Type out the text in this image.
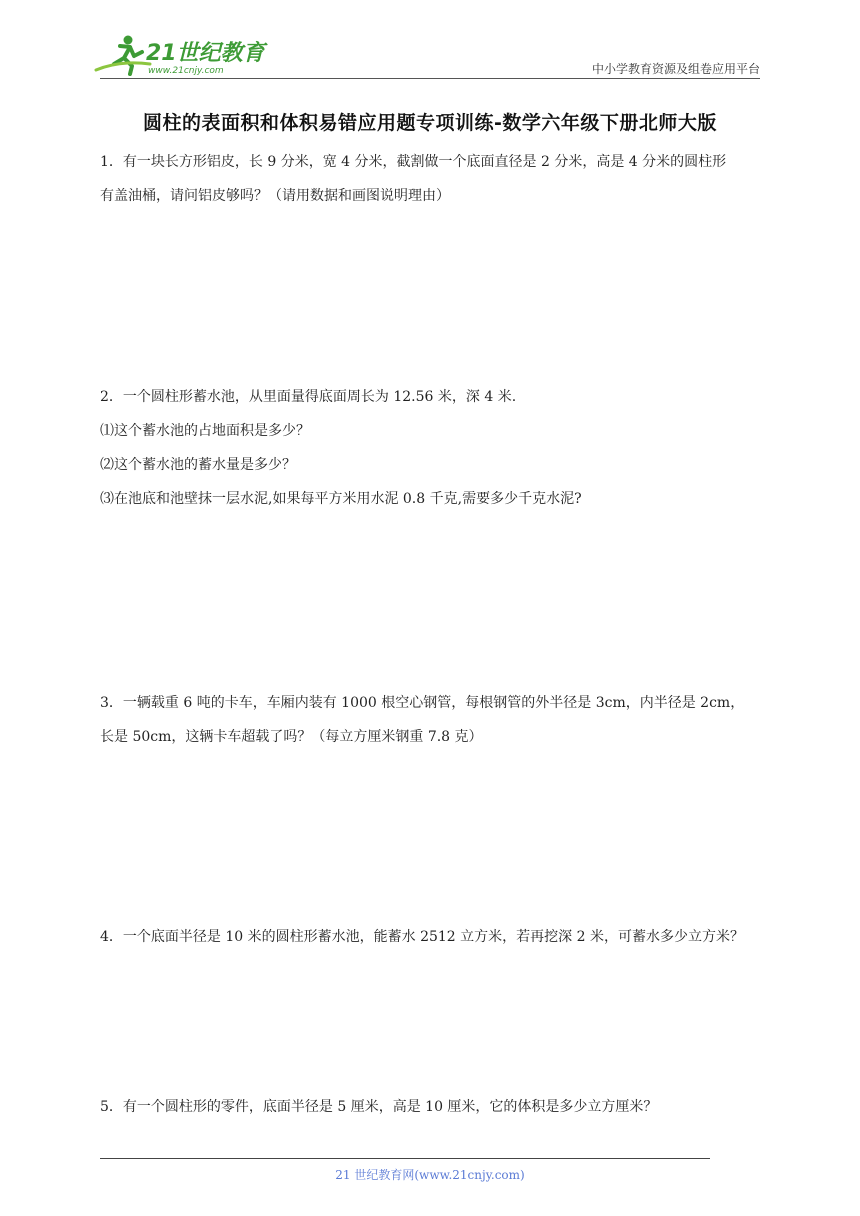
21世纪教育
www.21cnjy.com	中小学教育资源及组卷应用平台
圆柱的表面积和体积易错应用题专项训练-数学六年级下册北师大版

1．有一块长方形铝皮，长 9 分米，宽 4 分米，截割做一个底面直径是 2 分米，高是 4 分米的圆柱形

有盖油桶，请问铝皮够吗？（请用数据和画图说明理由）

2．一个圆柱形蓄水池，从里面量得底面周长为 12.56 米，深 4 米.

⑴这个蓄水池的占地面积是多少？

⑵这个蓄水池的蓄水量是多少？

⑶在池底和池壁抹一层水泥,如果每平方米用水泥 0.8 千克,需要多少千克水泥?

3．一辆载重 6 吨的卡车，车厢内装有 1000 根空心钢管，每根钢管的外半径是 3cm，内半径是 2cm，

长是 50cm，这辆卡车超载了吗？（每立方厘米钢重 7.8 克）

4．一个底面半径是 10 米的圆柱形蓄水池，能蓄水 2512 立方米，若再挖深 2 米，可蓄水多少立方米？

5．有一个圆柱形的零件，底面半径是 5 厘米，高是 10 厘米，它的体积是多少立方厘米？

21 世纪教育网(www.21cnjy.com)
